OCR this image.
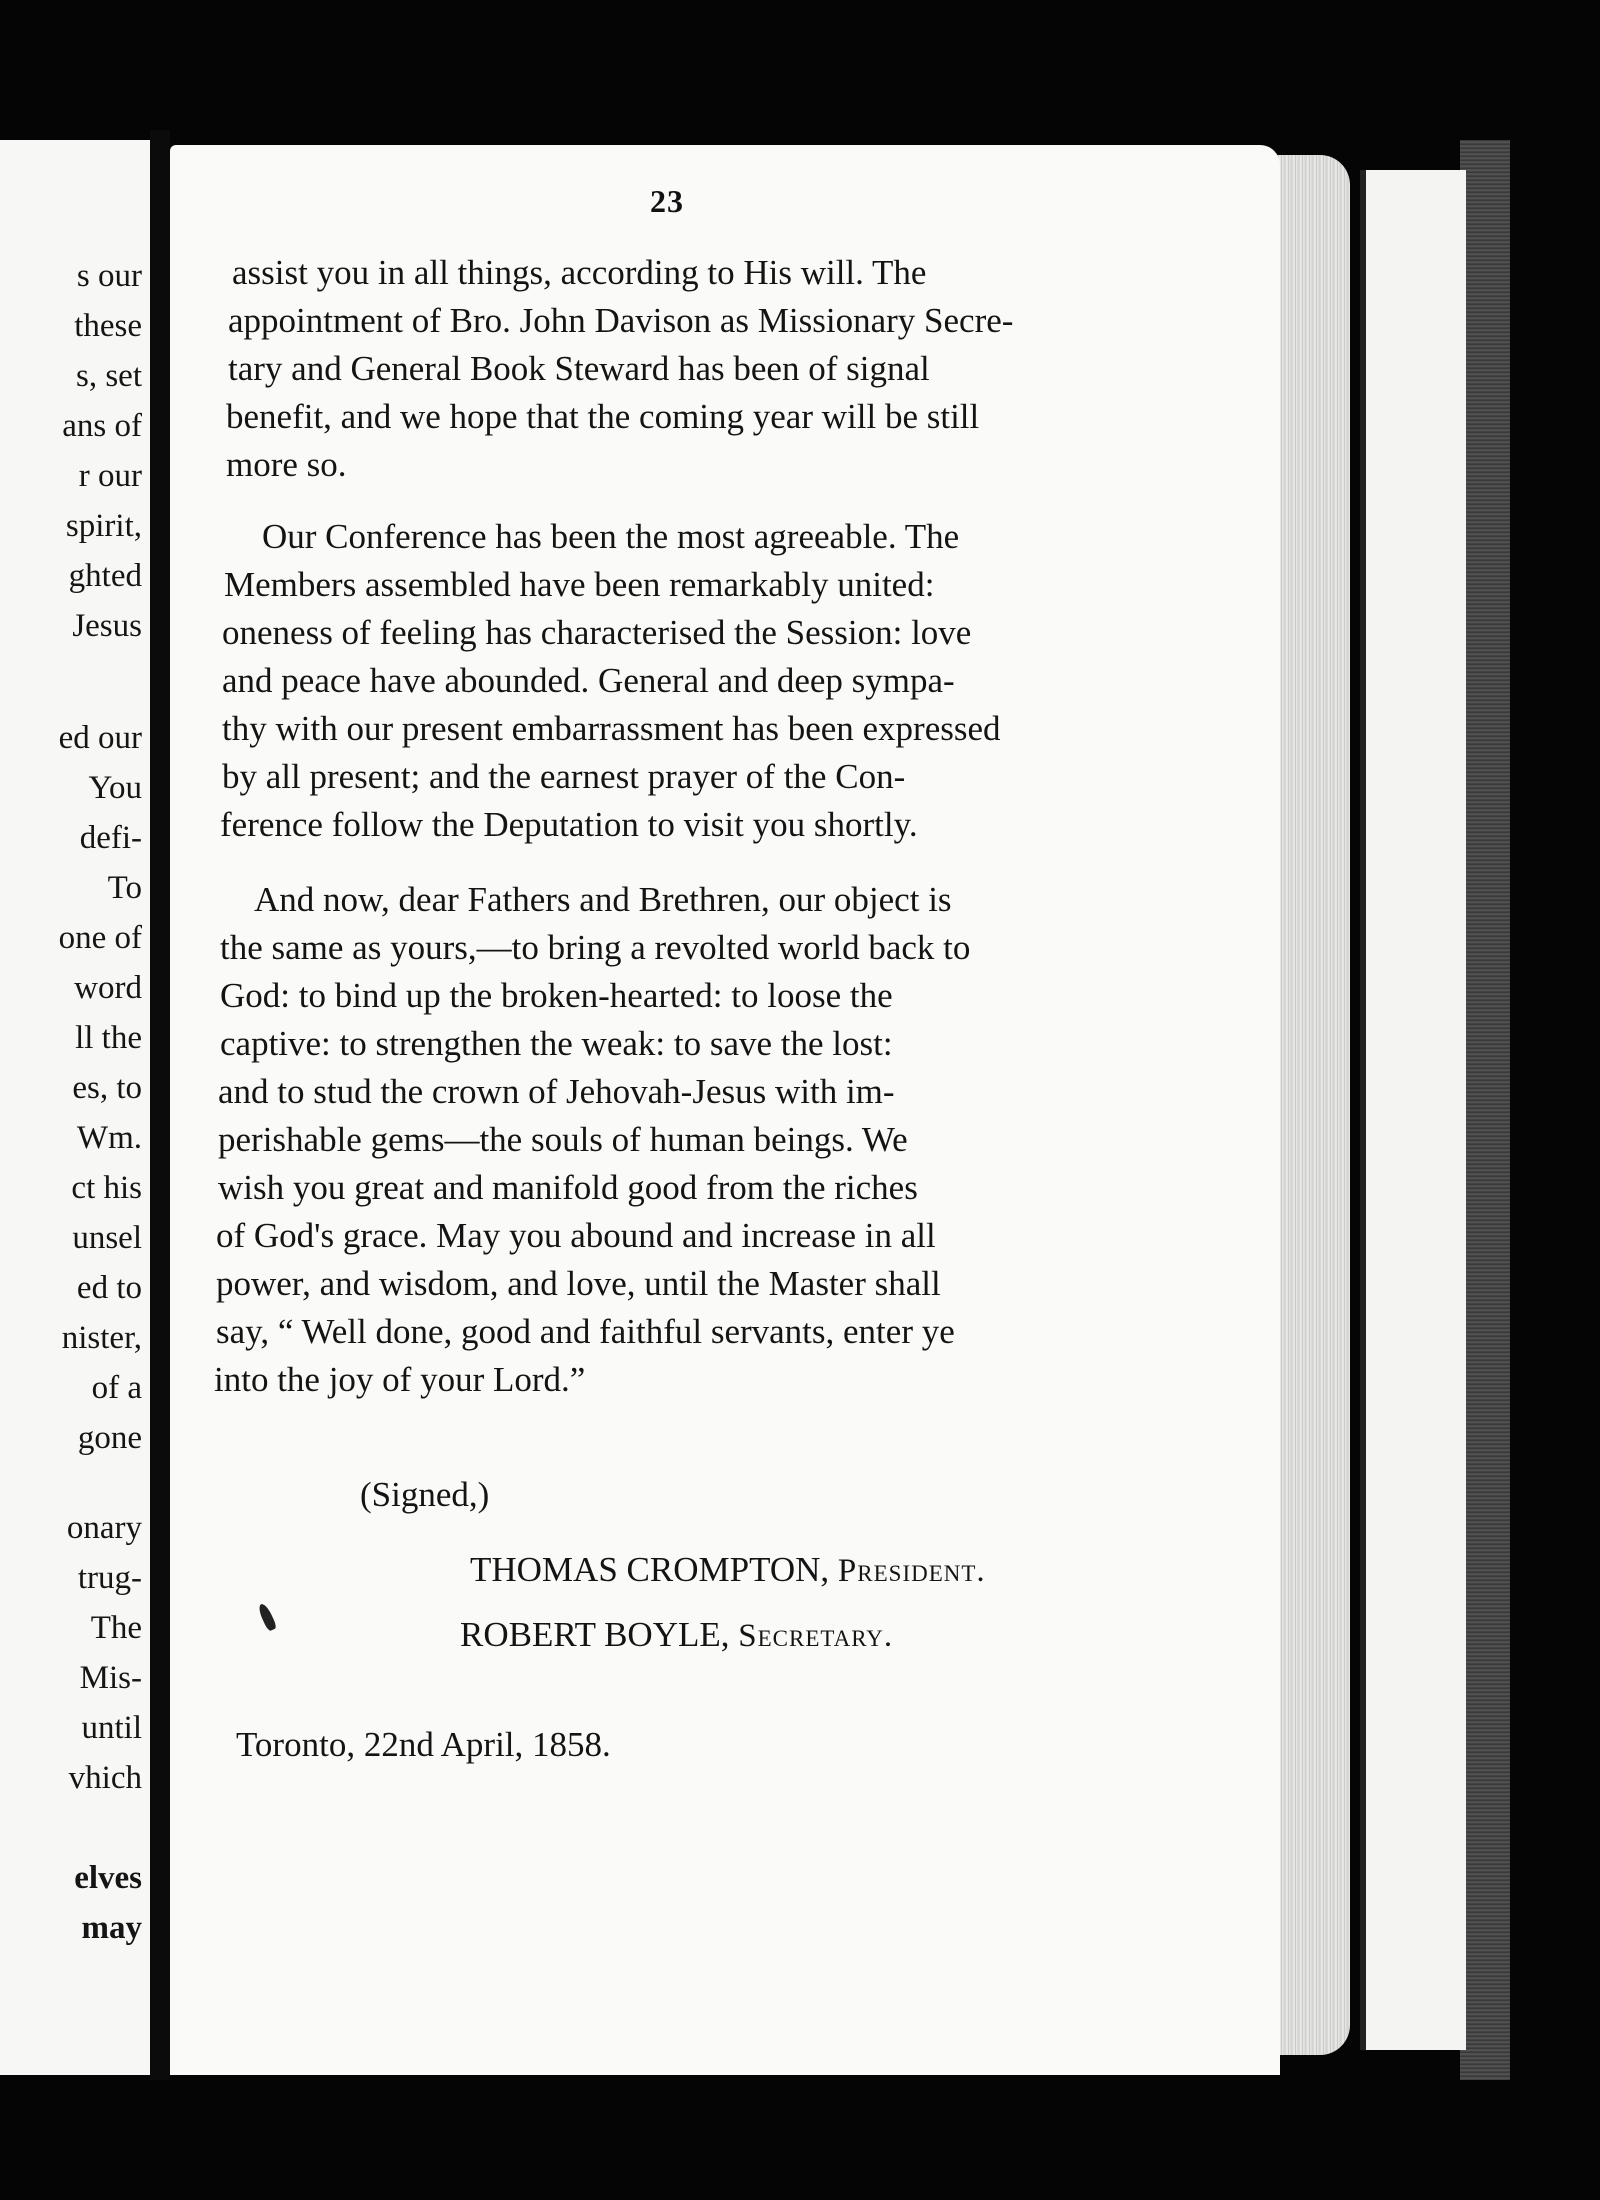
s our
these
s, set
ans of
r our
spirit,
ghted
Jesus
ed our
You
defi-
To
one of
word
ll the
es, to
Wm.
ct his
unsel
ed to
nister,
of a
gone
onary
trug-
The
Mis-
until
vhich
elves
may
23
assist you in all things, according to His will. The
appointment of Bro. John Davison as Missionary Secre-
tary and General Book Steward has been of signal
benefit, and we hope that the coming year will be still
more so.
Our Conference has been the most agreeable. The
Members assembled have been remarkably united:
oneness of feeling has characterised the Session: love
and peace have abounded. General and deep sympa-
thy with our present embarrassment has been expressed
by all present; and the earnest prayer of the Con-
ference follow the Deputation to visit you shortly.
And now, dear Fathers and Brethren, our object is
the same as yours,—to bring a revolted world back to
God: to bind up the broken-hearted: to loose the
captive: to strengthen the weak: to save the lost:
and to stud the crown of Jehovah-Jesus with im-
perishable gems—the souls of human beings. We
wish you great and manifold good from the riches
of God's grace. May you abound and increase in all
power, and wisdom, and love, until the Master shall
say, “ Well done, good and faithful servants, enter ye
into the joy of your Lord.”
(Signed,)
THOMAS CROMPTON, President.
ROBERT BOYLE, Secretary.
Toronto, 22nd April, 1858.
